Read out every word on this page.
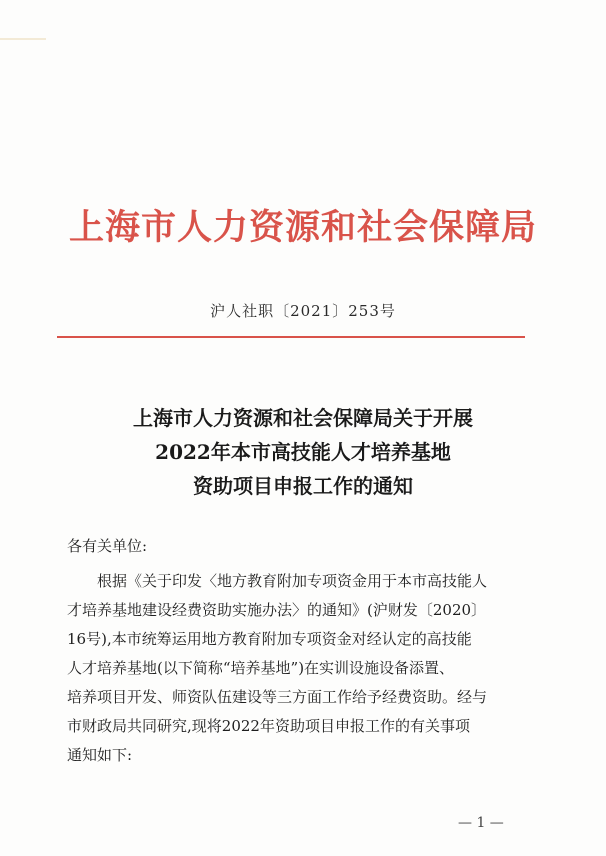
上海市人力资源和社会保障局
沪人社职〔2021〕253号
上海市人力资源和社会保障局关于开展
2022年本市高技能人才培养基地
资助项目申报工作的通知
各有关单位:
　　根据《关于印发〈地方教育附加专项资金用于本市高技能人
才培养基地建设经费资助实施办法〉的通知》(沪财发〔2020〕
16号),本市统筹运用地方教育附加专项资金对经认定的高技能
人才培养基地(以下简称“培养基地”)在实训设施设备添置、
培养项目开发、师资队伍建设等三方面工作给予经费资助。经与
市财政局共同研究,现将2022年资助项目申报工作的有关事项
通知如下:
— 1 —
